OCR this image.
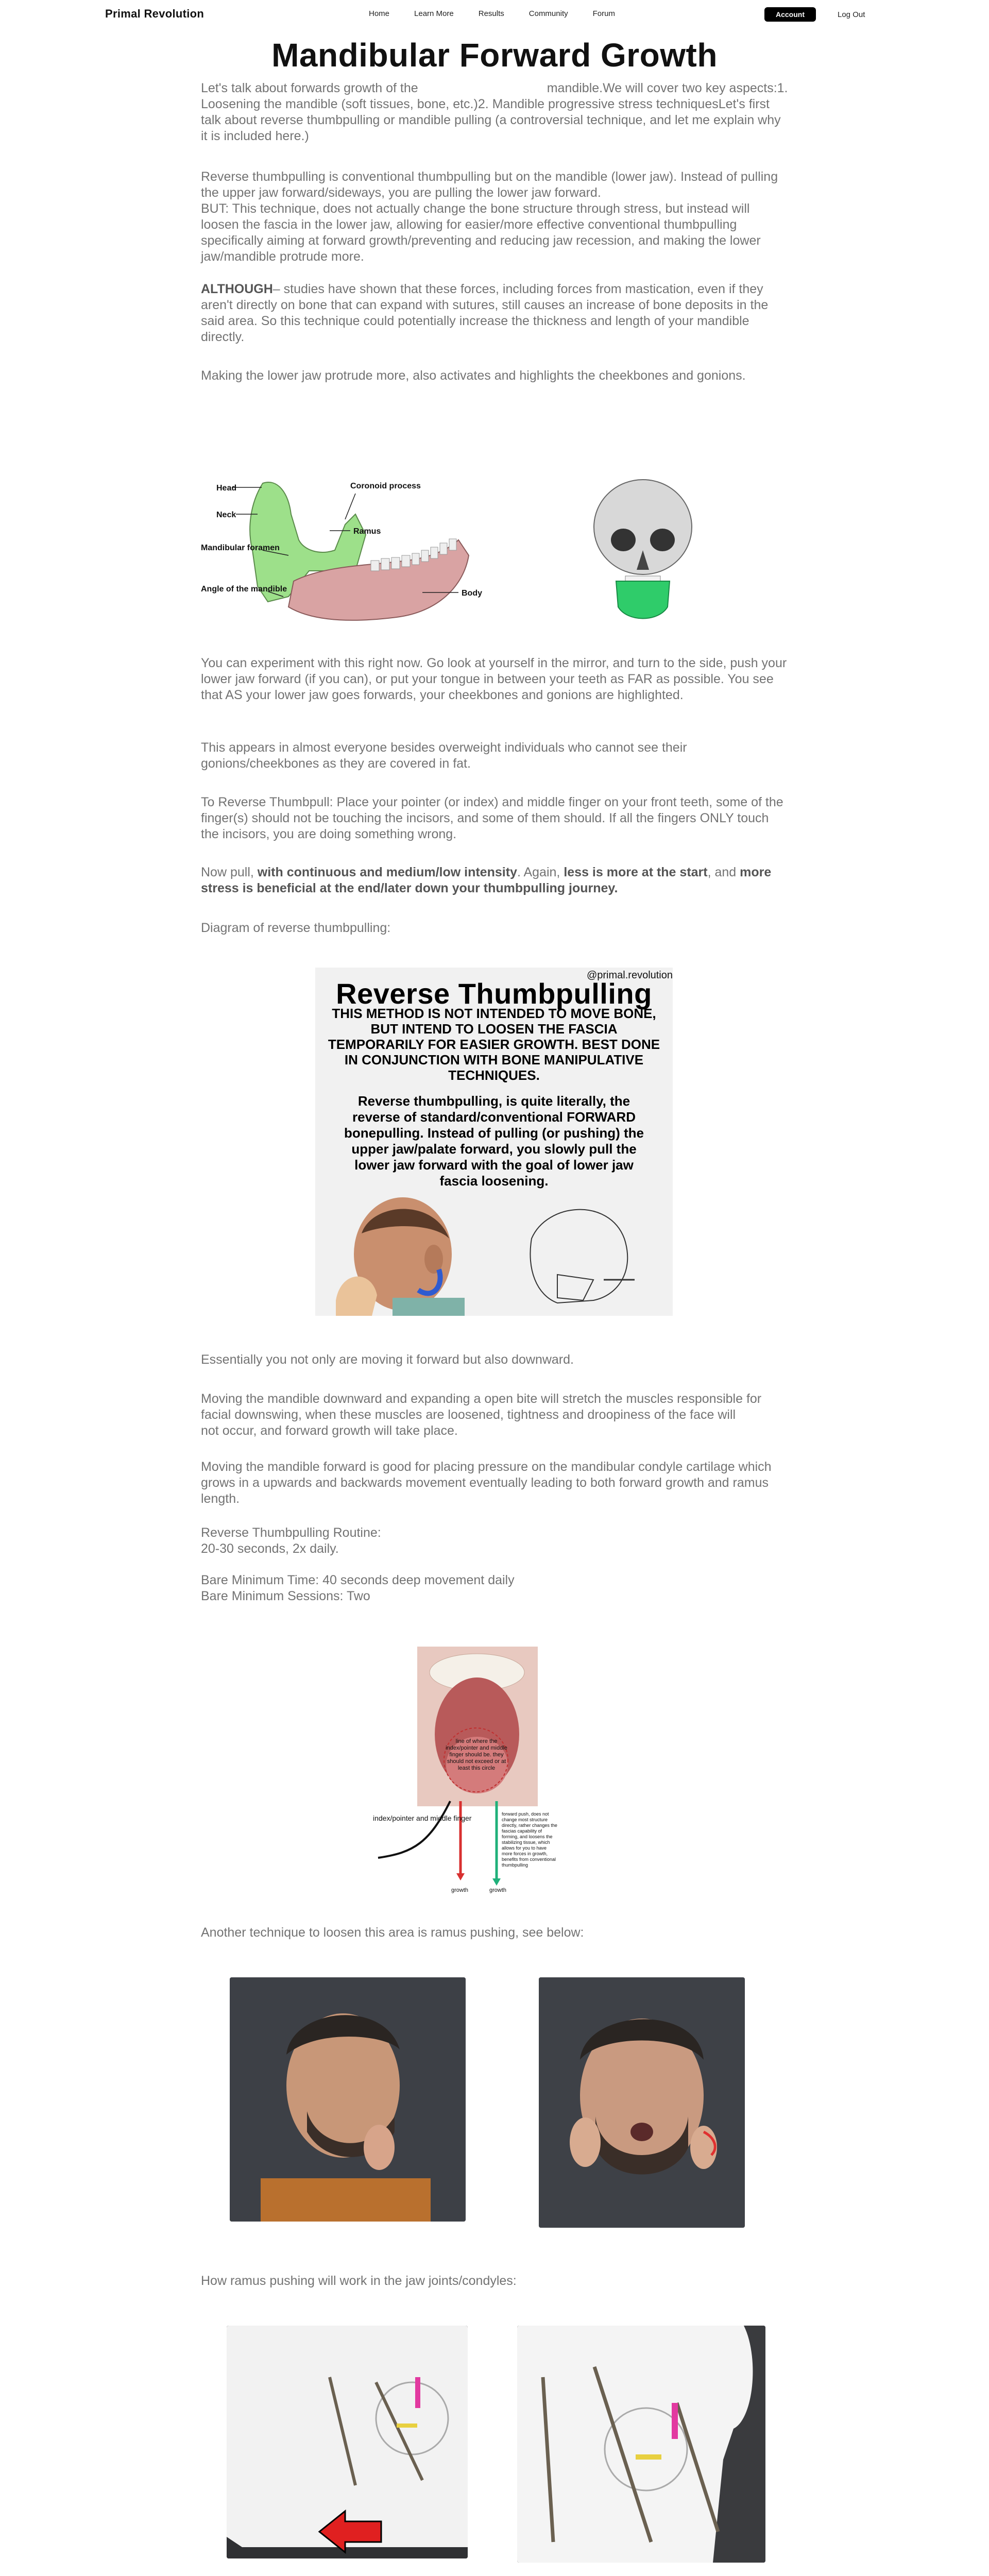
Primal Revolution	Home	Learn More	Results	Community	Forum	Account	Log Out
Mandibular Forward Growth
Let's talk about forwards growth of the                                    mandible.We will cover two key aspects:1. Loosening the mandible (soft tissues, bone, etc.)2. Mandible progressive stress techniquesLet's first talk about reverse thumbpulling or mandible pulling (a controversial technique, and let me explain why it is included here.)
Reverse thumbpulling is conventional thumbpulling but on the mandible (lower jaw). Instead of pulling the upper jaw forward/sideways, you are pulling the lower jaw forward.
BUT: This technique, does not actually change the bone structure through stress, but instead will loosen the fascia in the lower jaw, allowing for easier/more effective conventional thumbpulling specifically aiming at forward growth/preventing and reducing jaw recession, and making the lower jaw/mandible protrude more.
ALTHOUGH– studies have shown that these forces, including forces from mastication, even if they aren't directly on bone that can expand with sutures, still causes an increase of bone deposits in the said area. So this technique could potentially increase the thickness and length of your mandible directly.
Making the lower jaw protrude more, also activates and highlights the cheekbones and gonions.
Head
Neck
Coronoid process
Ramus
Mandibular foramen
Angle of the mandible	Body
You can experiment with this right now. Go look at yourself in the mirror, and turn to the side, push your lower jaw forward (if you can), or put your tongue in between your teeth as FAR as possible. You see that AS your lower jaw goes forwards, your cheekbones and gonions are highlighted.
This appears in almost everyone besides overweight individuals who cannot see their gonions/cheekbones as they are covered in fat.
To Reverse Thumbpull: Place your pointer (or index) and middle finger on your front teeth, some of the finger(s) should not be touching the incisors, and some of them should. If all the fingers ONLY touch the incisors, you are doing something wrong.
Now pull, with continuous and medium/low intensity. Again, less is more at the start, and more stress is beneficial at the end/later down your thumbpulling journey.
Diagram of reverse thumbpulling:
@primal.revolution
Reverse Thumbpulling
THIS METHOD IS NOT INTENDED TO MOVE BONE, BUT INTEND TO LOOSEN THE FASCIA TEMPORARILY FOR EASIER GROWTH. BEST DONE IN CONJUNCTION WITH BONE MANIPULATIVE TECHNIQUES.
Reverse thumbpulling, is quite literally, the reverse of standard/conventional FORWARD bonepulling. Instead of pulling (or pushing) the upper jaw/palate forward, you slowly pull the lower jaw forward with the goal of lower jaw fascia loosening.
Essentially you not only are moving it forward but also downward.
Moving the mandible downward and expanding a open bite will stretch the muscles responsible for facial downswing, when these muscles are loosened, tightness and droopiness of the face will                                      not occur, and forward growth will take place.
Moving the mandible forward is good for placing pressure on the mandibular condyle cartilage which grows in a upwards and backwards movement eventually leading to both forward growth and ramus length.
Reverse Thumbpulling Routine:
20-30 seconds, 2x daily.
Bare Minimum Time: 40 seconds deep movement daily
Bare Minimum Sessions: Two
line of where the index/pointer and middle finger should be. they should not exceed or at least this circle
index/pointer and middle finger	forward push, does not change most structure directly, rather changes the fascias capability of forming, and loosens the stabilizing tissue, which allows for you to have more forces in growth, benefits from conventional thumbpulling
growth	growth
Another technique to loosen this area is ramus pushing, see below:
How ramus pushing will work in the jaw joints/condyles:
